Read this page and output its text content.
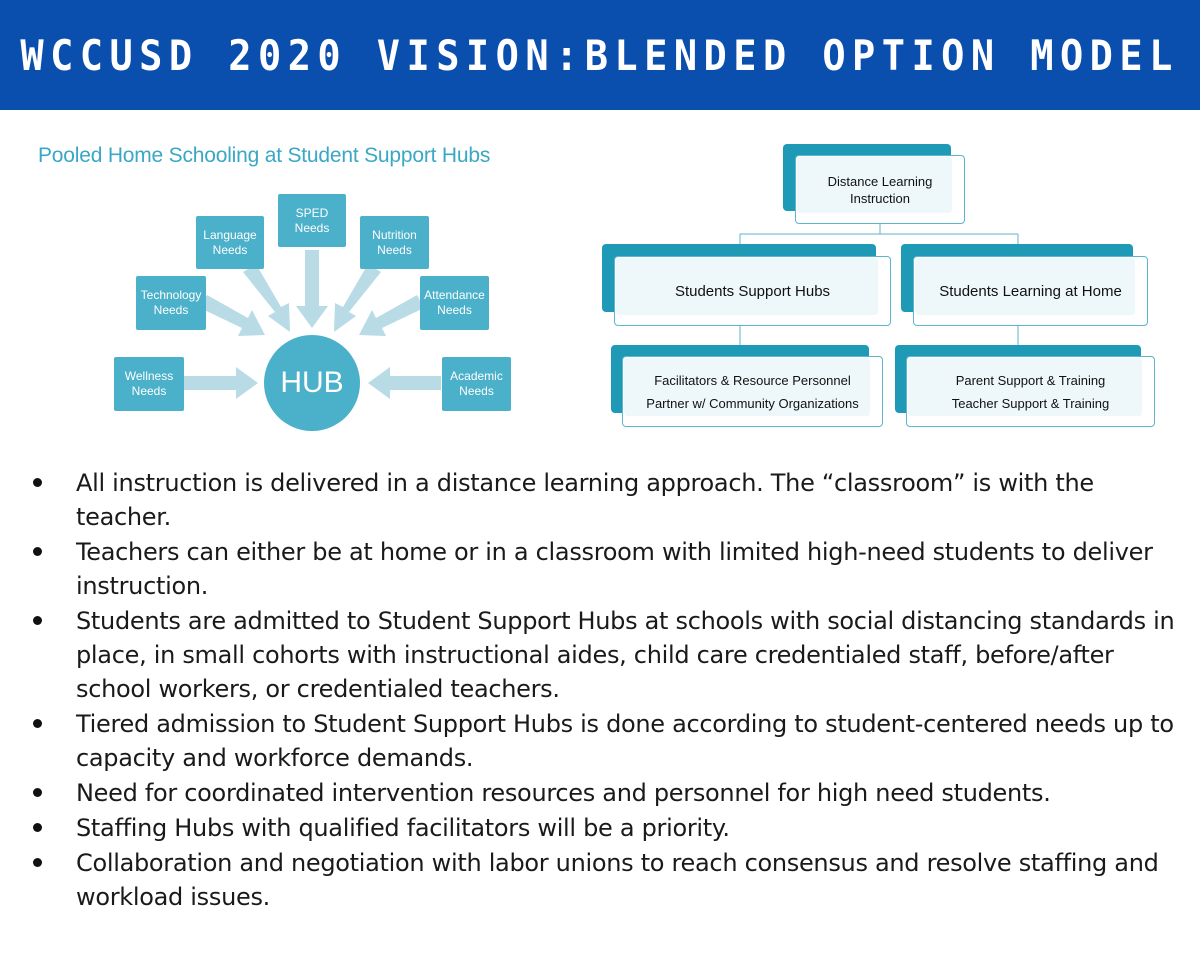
WCCUSD 2020 VISION:BLENDED OPTION MODEL
Pooled Home Schooling at Student Support Hubs
Wellness
Needs
Technology
Needs
Language
Needs
SPED
Needs	Nutrition
Needs
Attendance
Needs
Academic
Needs
HUB
Distance Learning
Instruction
Students Support Hubs	Students Learning at Home
Facilitators & Resource Personnel
Partner w/ Community Organizations
Parent Support & Training
Teacher Support & Training
All instruction is delivered in a distance learning approach. The “classroom” is with the teacher.
Teachers can either be at home or in a classroom with limited high-need students to deliver instruction.
Students are admitted to Student Support Hubs at schools with social distancing standards in place, in small cohorts with instructional aides, child care credentialed staff, before/after school workers, or credentialed teachers.
Tiered admission to Student Support Hubs is done according to student-centered needs up to capacity and workforce demands.
Need for coordinated intervention resources and personnel for high need students.
Staffing Hubs with qualified facilitators will be a priority.
Collaboration and negotiation with labor unions to reach consensus and resolve staffing and workload issues.
